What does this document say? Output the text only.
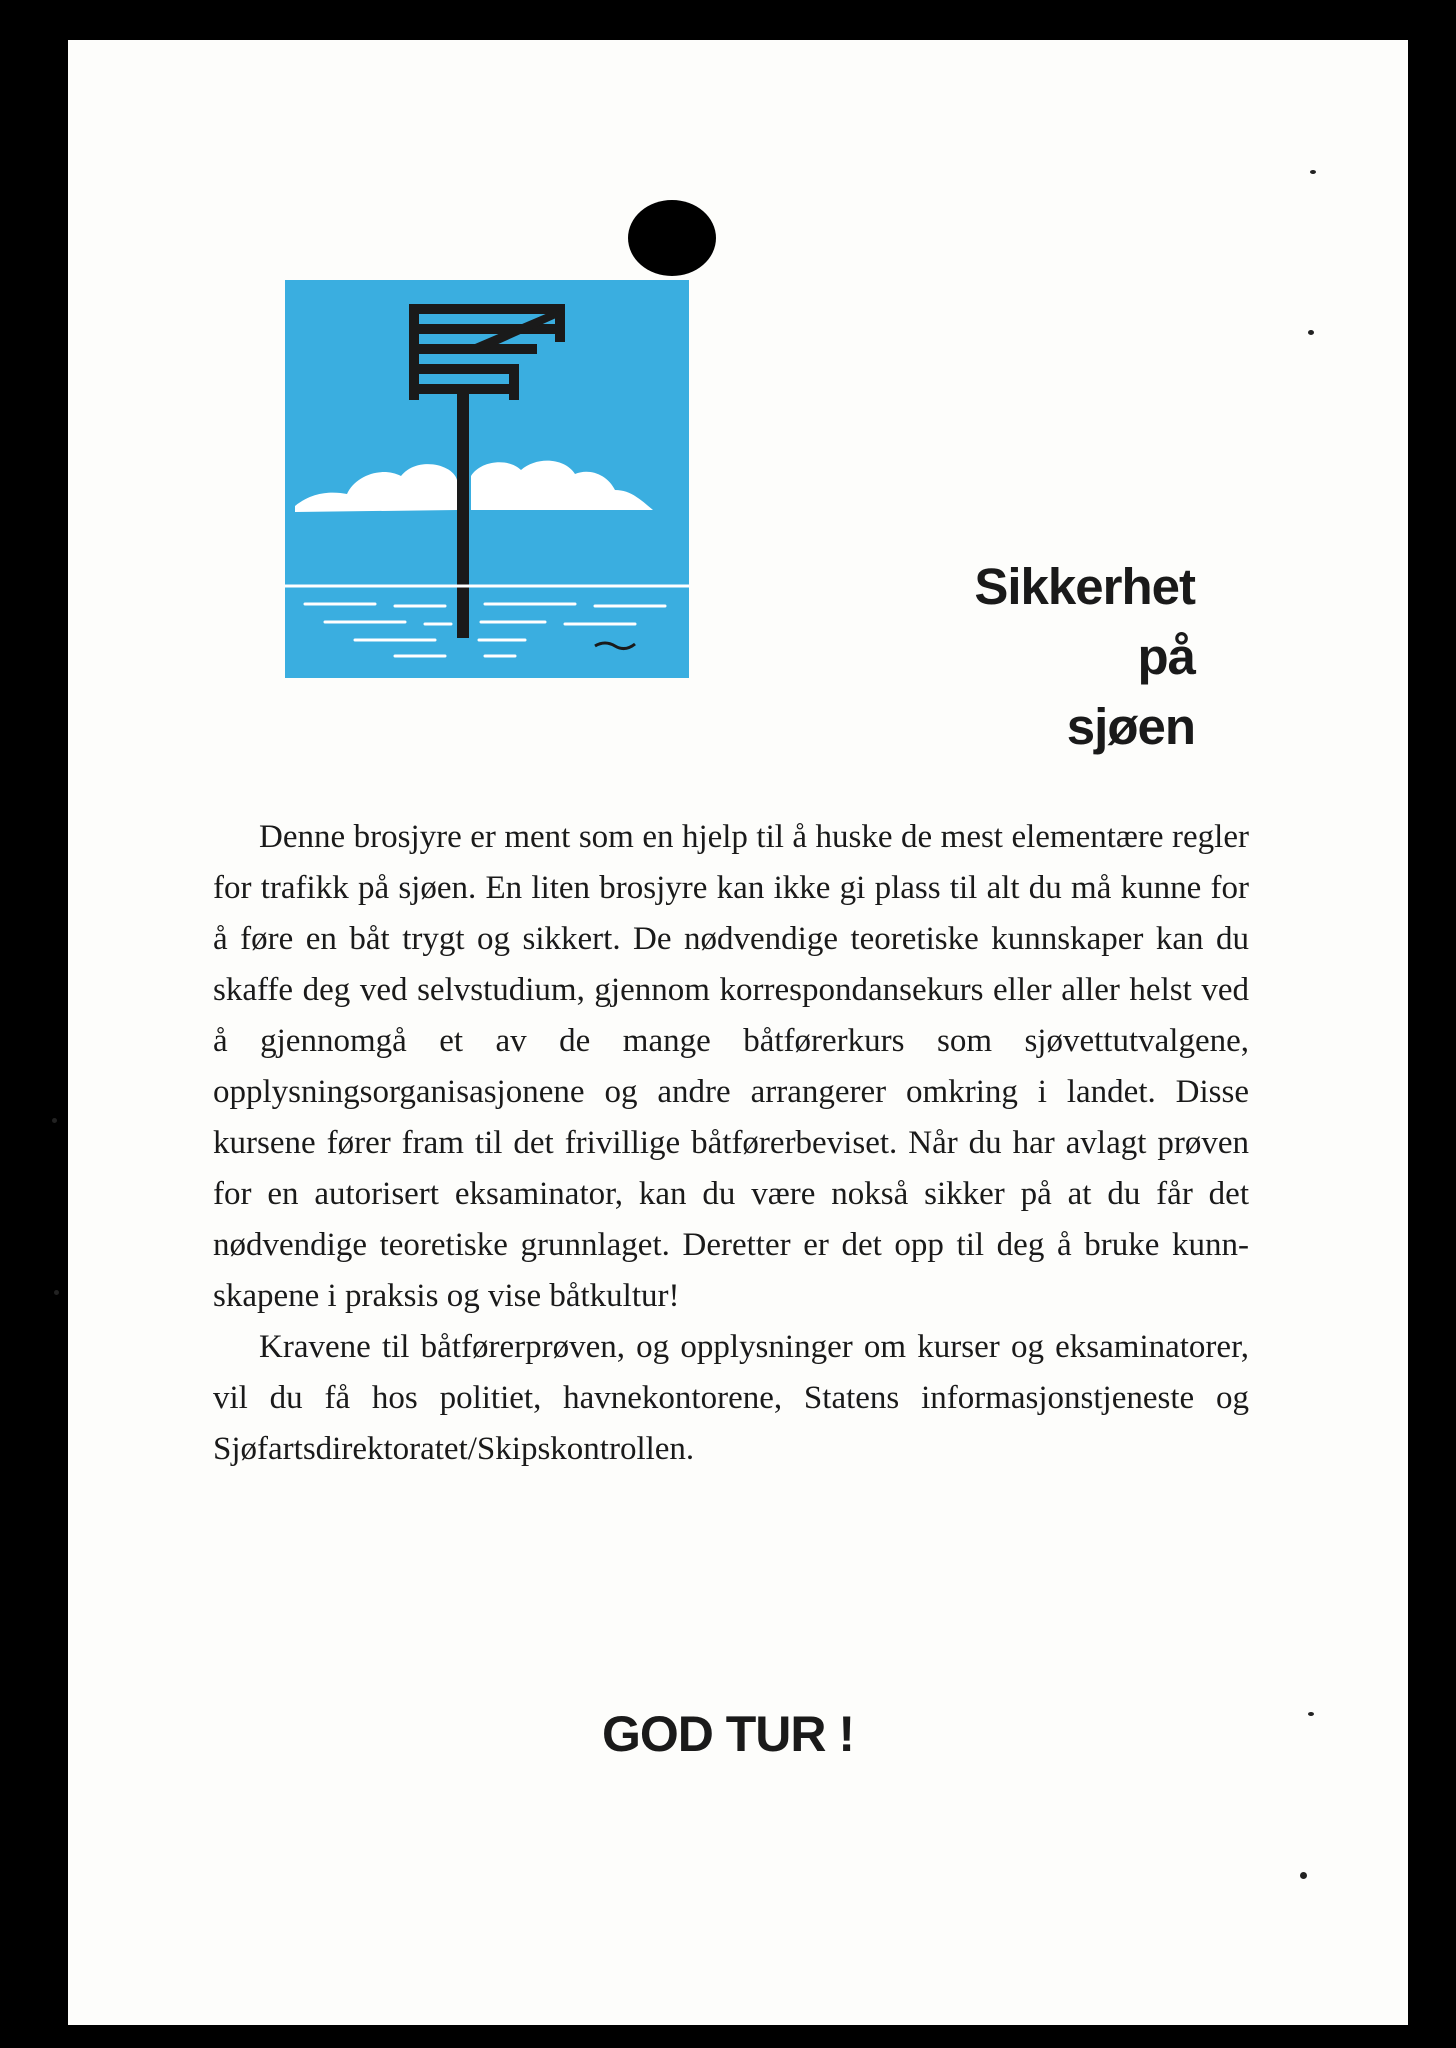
Sikkerhet
på
sjøen

Denne brosjyre er ment som en hjelp til å huske de mest elementære regler for trafikk på sjøen. En liten brosjyre kan ikke gi plass til alt du må kunne for å føre en båt trygt og sikkert. De nødvendige teoretiske kunnskaper kan du skaffe deg ved selvstudium, gjennom korrespondansekurs eller aller helst ved å gjennomgå et av de mange båtførerkurs som sjøvettutvalgene, opplysningsorganisasjonene og andre arrangerer omkring i landet. Disse kursene fører fram til det frivillige båtførerbeviset. Når du har avlagt prøven for en autorisert eksaminator, kan du være nokså sikker på at du får det nødvendige teoretiske grunnlaget. Deretter er det opp til deg å bruke kunnskapene i praksis og vise båtkultur!

Kravene til båtførerprøven, og opplysninger om kurser og eksaminatorer, vil du få hos politiet, havnekontorene, Statens informasjonstjeneste og Sjøfartsdirektoratet/Skipskontrollen.

GOD TUR !
